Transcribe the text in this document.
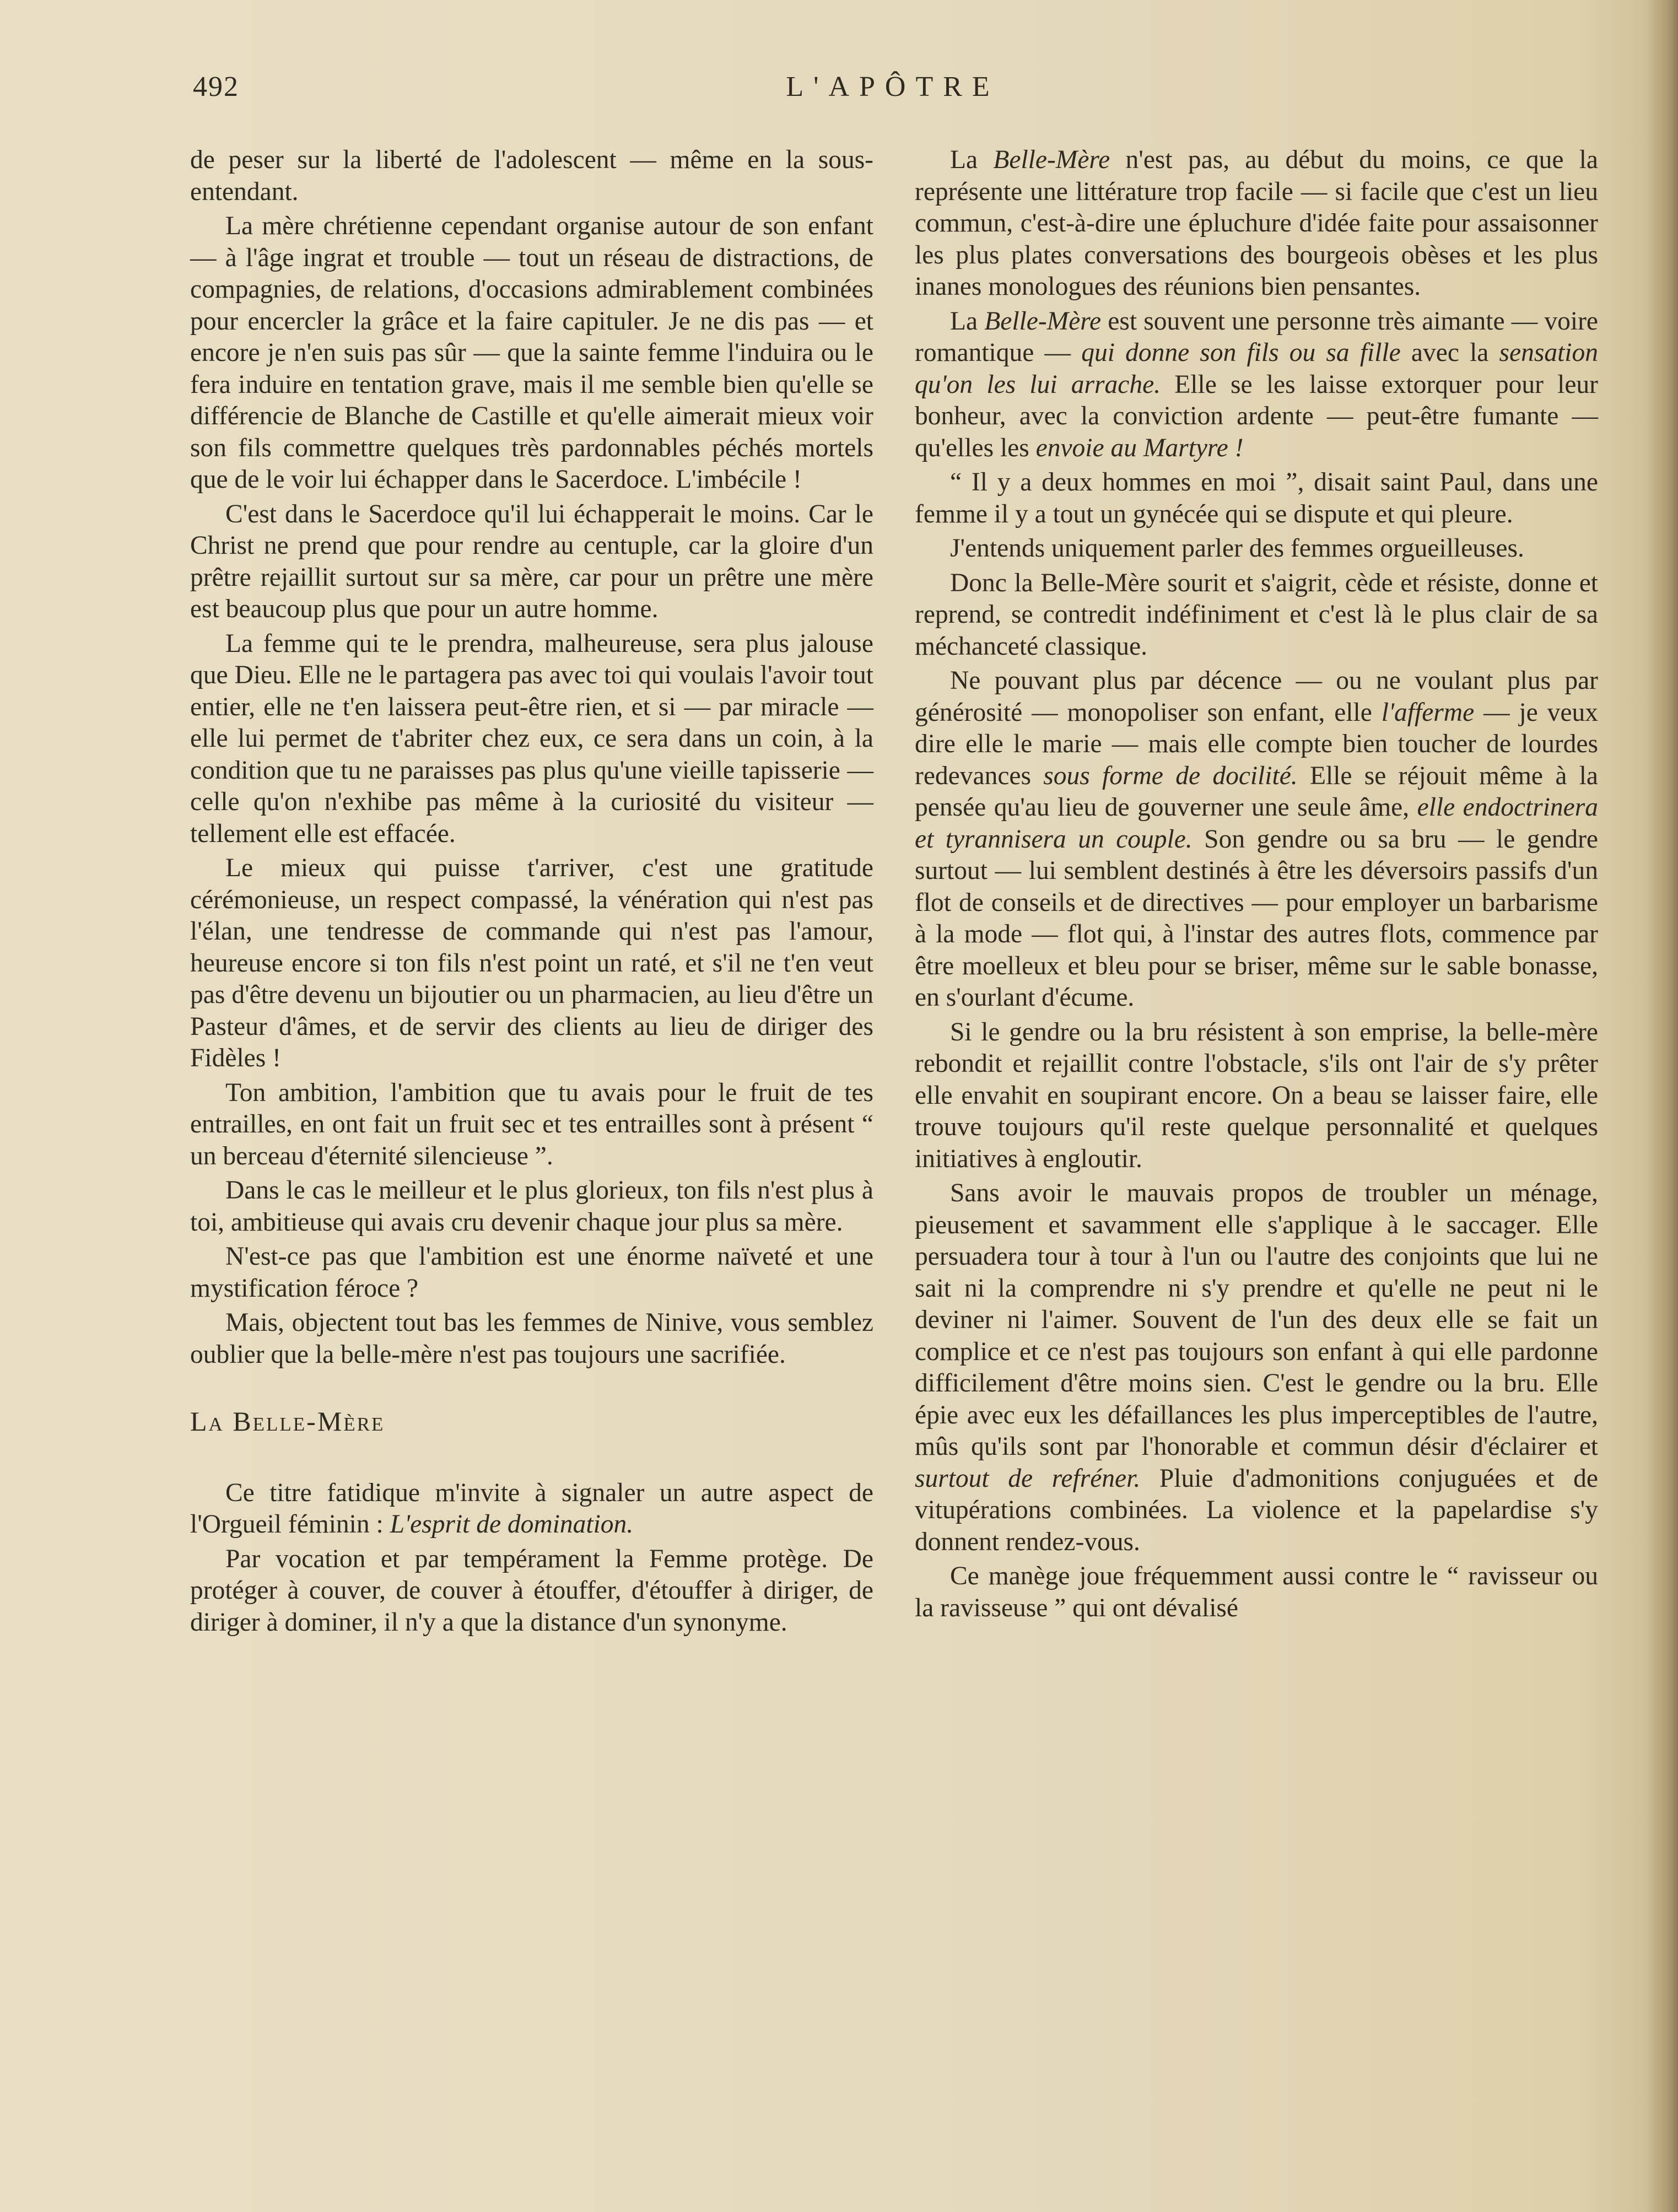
492	L'APÔTRE

de peser sur la liberté de l'adolescent — même en la sous-entendant.

La mère chrétienne cependant organise autour de son enfant — à l'âge ingrat et trouble — tout un réseau de distractions, de compagnies, de relations, d'occasions admirablement combinées pour encercler la grâce et la faire capituler. Je ne dis pas — et encore je n'en suis pas sûr — que la sainte femme l'induira ou le fera induire en tentation grave, mais il me semble bien qu'elle se différencie de Blanche de Castille et qu'elle aimerait mieux voir son fils commettre quelques très pardonnables péchés mortels que de le voir lui échapper dans le Sacerdoce. L'imbécile !

C'est dans le Sacerdoce qu'il lui échapperait le moins. Car le Christ ne prend que pour rendre au centuple, car la gloire d'un prêtre rejaillit surtout sur sa mère, car pour un prêtre une mère est beaucoup plus que pour un autre homme.

La femme qui te le prendra, malheureuse, sera plus jalouse que Dieu. Elle ne le partagera pas avec toi qui voulais l'avoir tout entier, elle ne t'en laissera peut-être rien, et si — par miracle — elle lui permet de t'abriter chez eux, ce sera dans un coin, à la condition que tu ne paraisses pas plus qu'une vieille tapisserie — celle qu'on n'exhibe pas même à la curiosité du visiteur — tellement elle est effacée.

Le mieux qui puisse t'arriver, c'est une gratitude cérémonieuse, un respect compassé, la vénération qui n'est pas l'élan, une tendresse de commande qui n'est pas l'amour, heureuse encore si ton fils n'est point un raté, et s'il ne t'en veut pas d'être devenu un bijoutier ou un pharmacien, au lieu d'être un Pasteur d'âmes, et de servir des clients au lieu de diriger des Fidèles !

Ton ambition, l'ambition que tu avais pour le fruit de tes entrailles, en ont fait un fruit sec et tes entrailles sont à présent “ un berceau d'éternité silencieuse ”.

Dans le cas le meilleur et le plus glorieux, ton fils n'est plus à toi, ambitieuse qui avais cru devenir chaque jour plus sa mère.

N'est-ce pas que l'ambition est une énorme naïveté et une mystification féroce ?

Mais, objectent tout bas les femmes de Ninive, vous semblez oublier que la belle-mère n'est pas toujours une sacrifiée.

La Belle-Mère

Ce titre fatidique m'invite à signaler un autre aspect de l'Orgueil féminin : L'esprit de domination.

Par vocation et par tempérament la Femme protège. De protéger à couver, de couver à étouffer, d'étouffer à diriger, de diriger à dominer, il n'y a que la distance d'un synonyme.

La Belle-Mère n'est pas, au début du moins, ce que la représente une littérature trop facile — si facile que c'est un lieu commun, c'est-à-dire une épluchure d'idée faite pour assaisonner les plus plates conversations des bourgeois obèses et les plus inanes monologues des réunions bien pensantes.

La Belle-Mère est souvent une personne très aimante — voire romantique — qui donne son fils ou sa fille avec la sensation qu'on les lui arrache. Elle se les laisse extorquer pour leur bonheur, avec la conviction ardente — peut-être fumante — qu'elles les envoie au Martyre !

“ Il y a deux hommes en moi ”, disait saint Paul, dans une femme il y a tout un gynécée qui se dispute et qui pleure.

J'entends uniquement parler des femmes orgueilleuses.

Donc la Belle-Mère sourit et s'aigrit, cède et résiste, donne et reprend, se contredit indéfiniment et c'est là le plus clair de sa méchanceté classique.

Ne pouvant plus par décence — ou ne voulant plus par générosité — monopoliser son enfant, elle l'afferme — je veux dire elle le marie — mais elle compte bien toucher de lourdes redevances sous forme de docilité. Elle se réjouit même à la pensée qu'au lieu de gouverner une seule âme, elle endoctrinera et tyrannisera un couple. Son gendre ou sa bru — le gendre surtout — lui semblent destinés à être les déversoirs passifs d'un flot de conseils et de directives — pour employer un barbarisme à la mode — flot qui, à l'instar des autres flots, commence par être moelleux et bleu pour se briser, même sur le sable bonasse, en s'ourlant d'écume.

Si le gendre ou la bru résistent à son emprise, la belle-mère rebondit et rejaillit contre l'obstacle, s'ils ont l'air de s'y prêter elle envahit en soupirant encore. On a beau se laisser faire, elle trouve toujours qu'il reste quelque personnalité et quelques initiatives à engloutir.

Sans avoir le mauvais propos de troubler un ménage, pieusement et savamment elle s'applique à le saccager. Elle persuadera tour à tour à l'un ou l'autre des conjoints que lui ne sait ni la comprendre ni s'y prendre et qu'elle ne peut ni le deviner ni l'aimer. Souvent de l'un des deux elle se fait un complice et ce n'est pas toujours son enfant à qui elle pardonne difficilement d'être moins sien. C'est le gendre ou la bru. Elle épie avec eux les défaillances les plus imperceptibles de l'autre, mûs qu'ils sont par l'honorable et commun désir d'éclairer et surtout de refréner. Pluie d'admonitions conjuguées et de vitupérations combinées. La violence et la papelardise s'y donnent rendez-vous.

Ce manège joue fréquemment aussi contre le “ ravisseur ou la ravisseuse ” qui ont dévalisé
